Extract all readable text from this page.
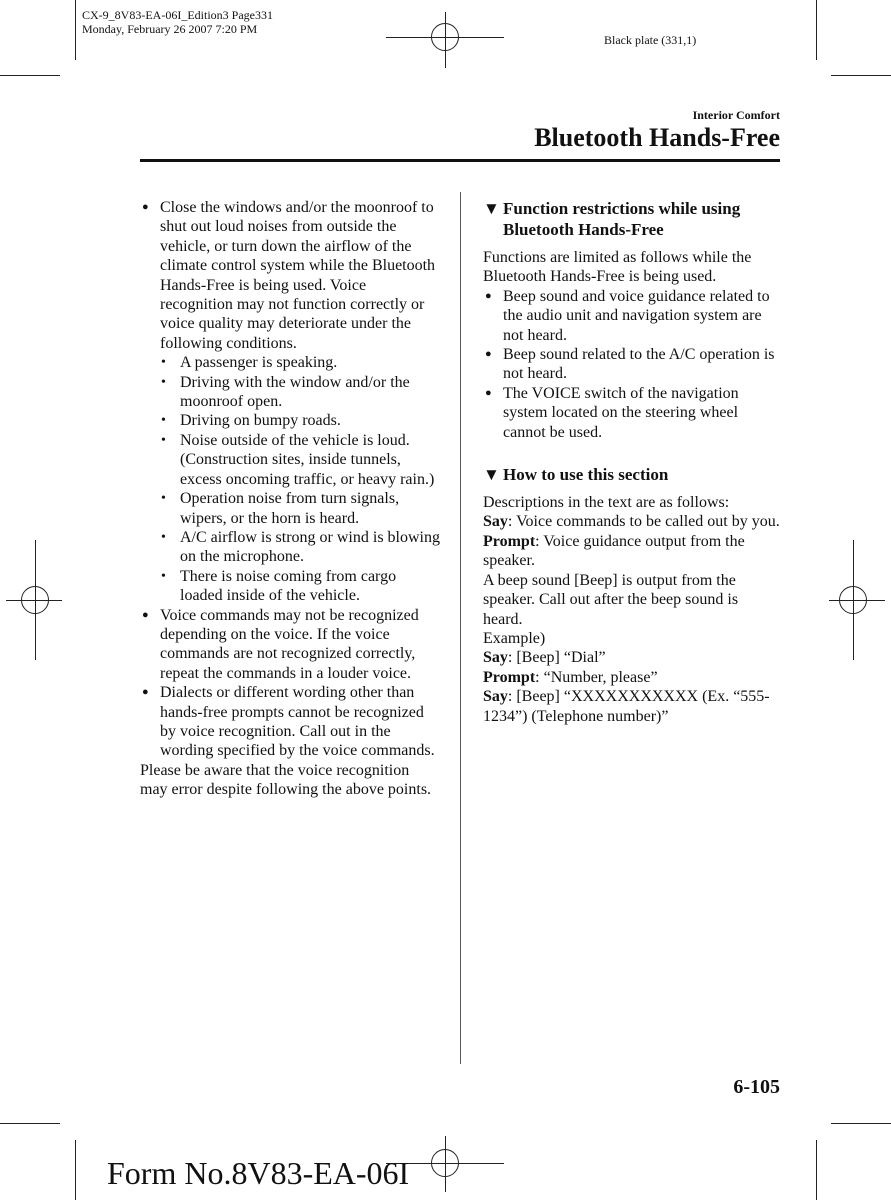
CX-9_8V83-EA-06I_Edition3 Page331
Monday, February 26 2007 7:20 PM
Black plate (331,1)
Interior Comfort
Bluetooth Hands-Free
● Close the windows and/or the moonroof to shut out loud noises from outside the vehicle, or turn down the airflow of the climate control system while the Bluetooth Hands-Free is being used. Voice recognition may not function correctly or voice quality may deteriorate under the following conditions.
• A passenger is speaking.
• Driving with the window and/or the moonroof open.
• Driving on bumpy roads.
• Noise outside of the vehicle is loud. (Construction sites, inside tunnels, excess oncoming traffic, or heavy rain.)
• Operation noise from turn signals, wipers, or the horn is heard.
• A/C airflow is strong or wind is blowing on the microphone.
• There is noise coming from cargo loaded inside of the vehicle.
● Voice commands may not be recognized depending on the voice. If the voice commands are not recognized correctly, repeat the commands in a louder voice.
● Dialects or different wording other than hands-free prompts cannot be recognized by voice recognition. Call out in the wording specified by the voice commands.

Please be aware that the voice recognition may error despite following the above points.

▼ Function restrictions while using Bluetooth Hands-Free

Functions are limited as follows while the Bluetooth Hands-Free is being used.

● Beep sound and voice guidance related to the audio unit and navigation system are not heard.
● Beep sound related to the A/C operation is not heard.
● The VOICE switch of the navigation system located on the steering wheel cannot be used.
▼ How to use this section

Descriptions in the text are as follows:

Say: Voice commands to be called out by you.

Prompt: Voice guidance output from the speaker.

A beep sound [Beep] is output from the speaker. Call out after the beep sound is heard.

Example)

Say: [Beep] “Dial”

Prompt: “Number, please”

Say: [Beep] “XXXXXXXXXXX (Ex. “555-1234”) (Telephone number)”

6-105
Form No.8V83-EA-06I
